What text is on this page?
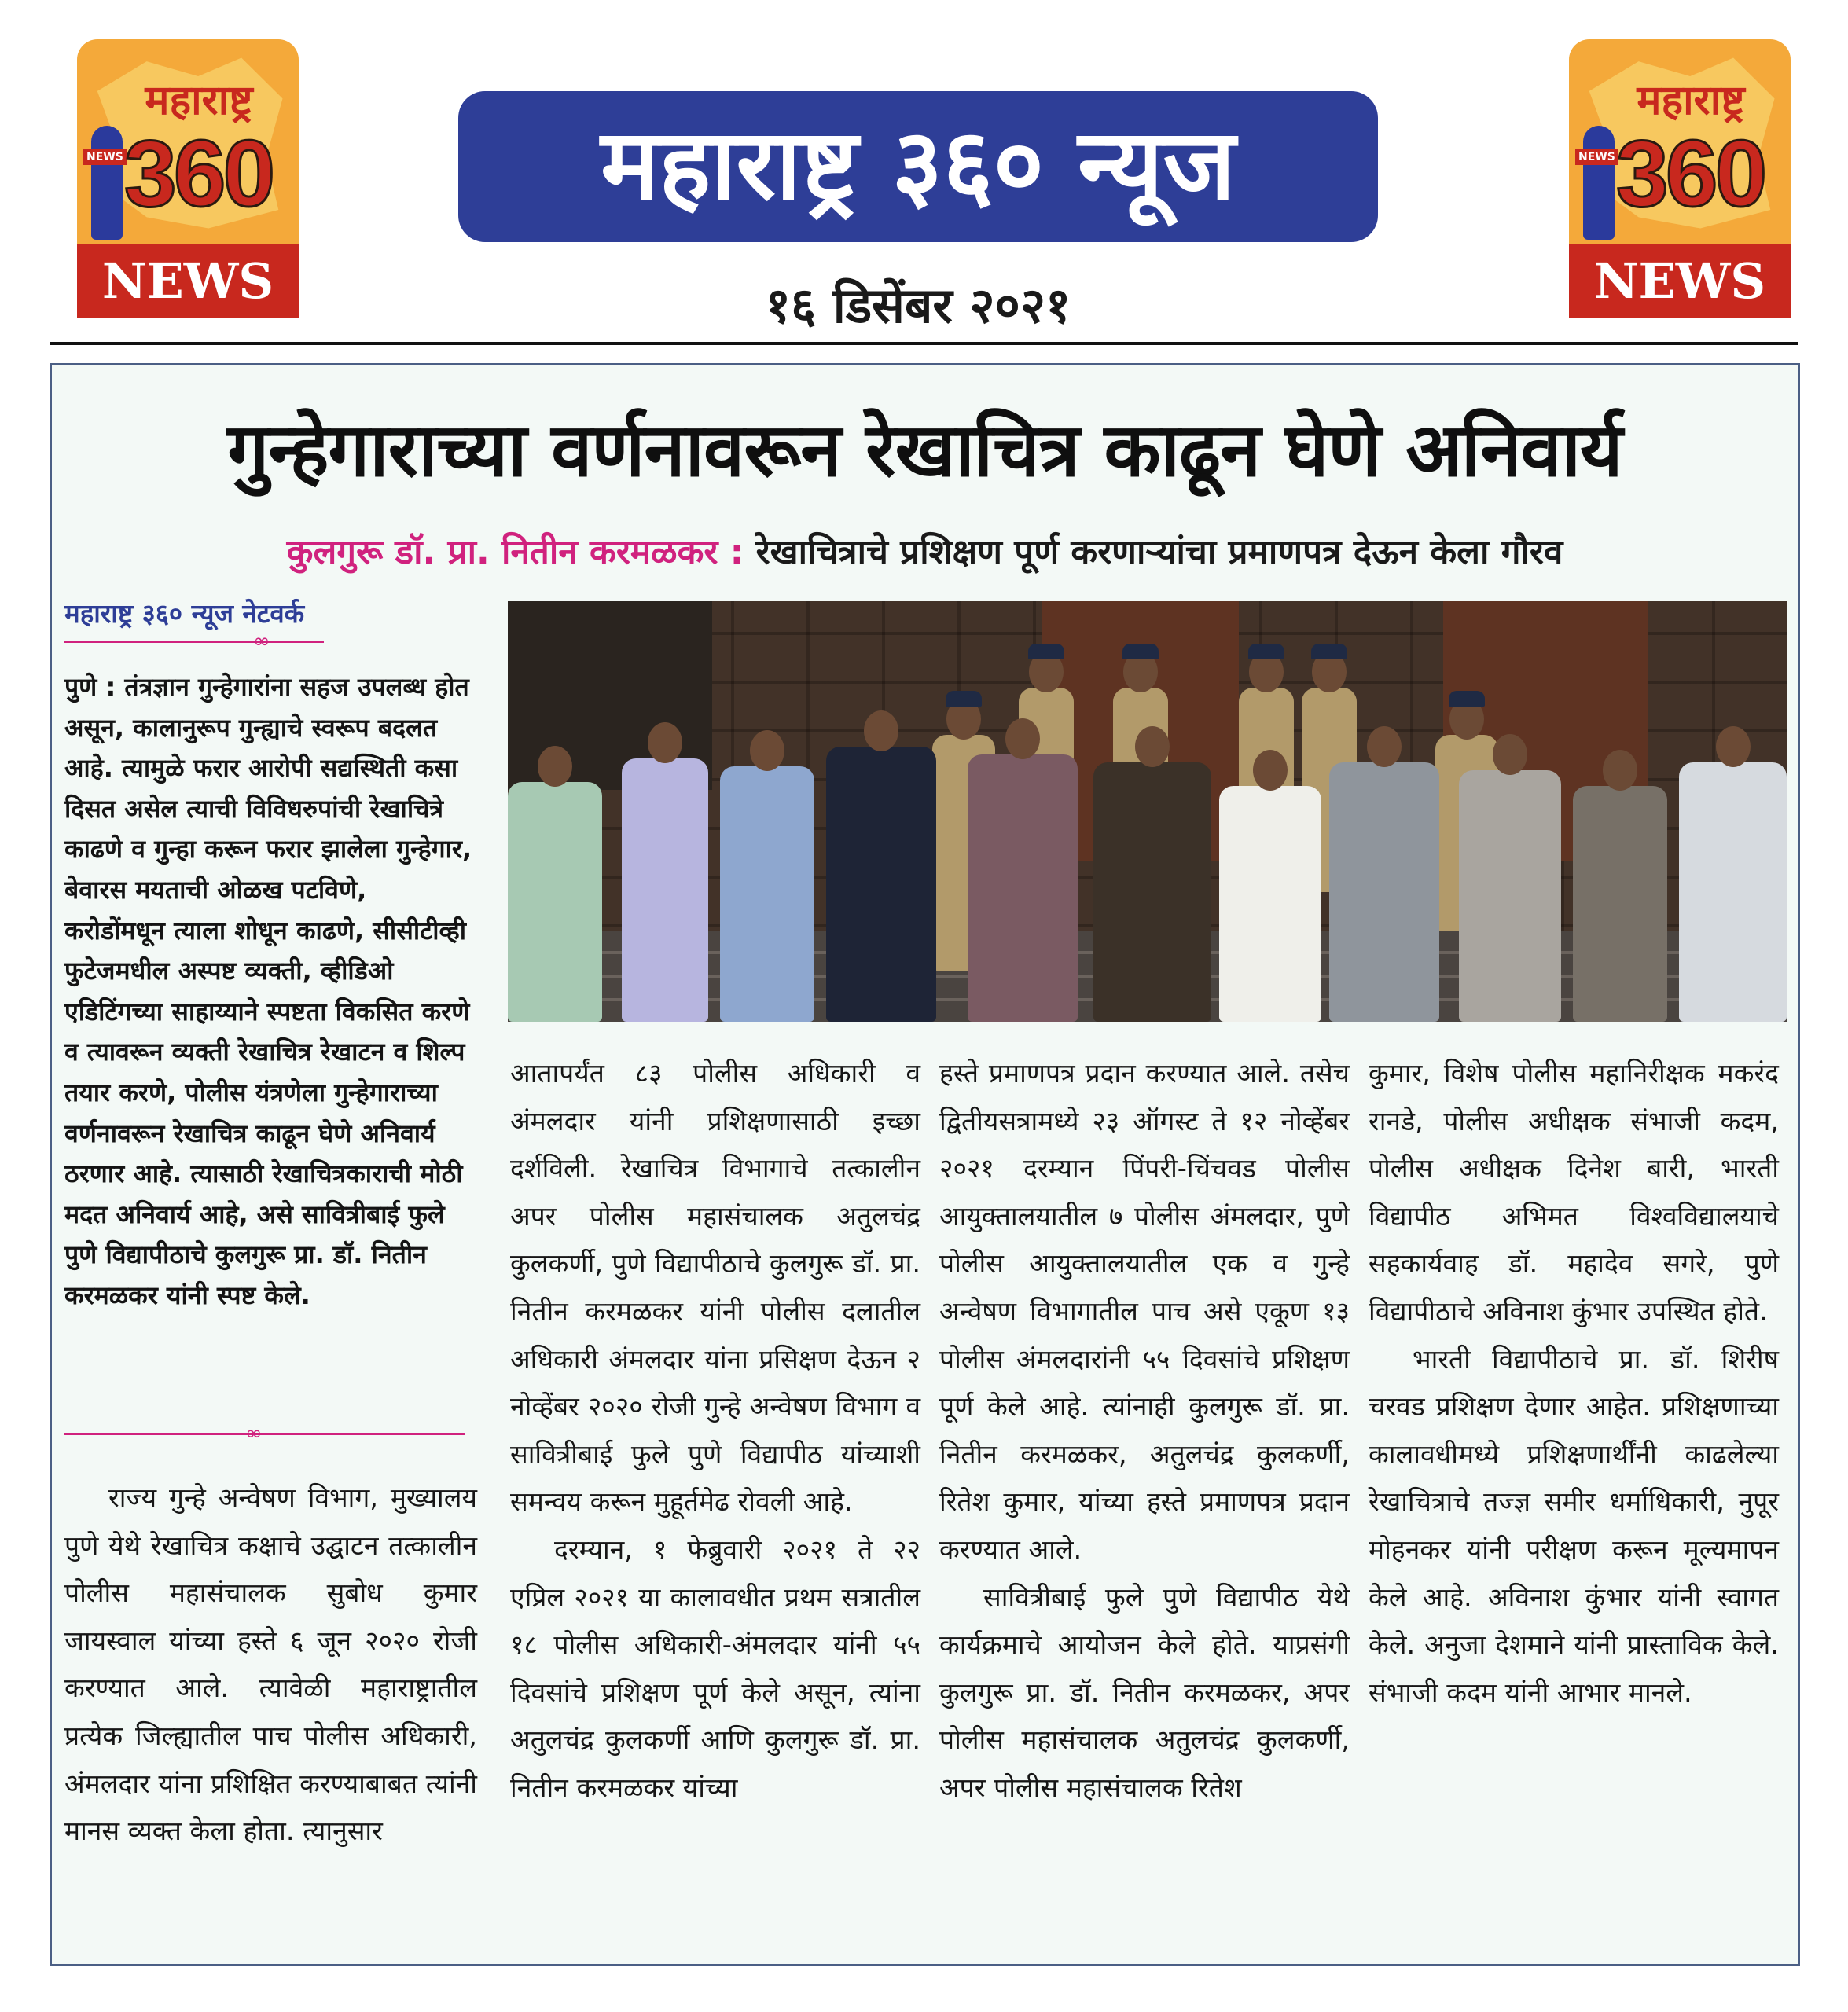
महाराष्ट्र
NEWS 360
NEWS
महाराष्ट्र ३६० न्यूज
१६ डिसेंबर २०२१
महाराष्ट्र
NEWS 360
NEWS
गुन्हेगाराच्या वर्णनावरून रेखाचित्र काढून घेणे अनिवार्य
कुलगुरू डॉ. प्रा. नितीन करमळकर : रेखाचित्राचे प्रशिक्षण पूर्ण करणाऱ्यांचा प्रमाणपत्र देऊन केला गौरव
महाराष्ट्र ३६० न्यूज नेटवर्क
∞

पुणे : तंत्रज्ञान गुन्हेगारांना सहज उपलब्ध होत असून, कालानुरूप गुन्ह्याचे स्वरूप बदलत आहे. त्यामुळे फरार आरोपी सद्यस्थिती कसा दिसत असेल त्याची विविधरुपांची रेखाचित्रे काढणे व गुन्हा करून फरार झालेला गुन्हेगार, बेवारस मयताची ओळख पटविणे, करोडोंमधून त्याला शोधून काढणे, सीसीटीव्ही फुटेजमधील अस्पष्ट व्यक्ती, व्हीडिओ एडिटिंगच्या साहाय्याने स्पष्टता विकसित करणे व त्यावरून व्यक्ती रेखाचित्र रेखाटन व शिल्प तयार करणे, पोलीस यंत्रणेला गुन्हेगाराच्या वर्णनावरून रेखाचित्र काढून घेणे अनिवार्य ठरणार आहे. त्यासाठी रेखाचित्रकाराची मोठी मदत अनिवार्य आहे, असे सावित्रीबाई फुले पुणे विद्यापीठाचे कुलगुरू प्रा. डॉ. नितीन करमळकर यांनी स्पष्ट केले.

∞

राज्य गुन्हे अन्वेषण विभाग, मुख्यालय पुणे येथे रेखाचित्र कक्षाचे उद्घाटन तत्कालीन पोलीस महासंचालक सुबोध कुमार जायस्वाल यांच्या हस्ते ६ जून २०२० रोजी करण्यात आले. त्यावेळी महाराष्ट्रातील प्रत्येक जिल्ह्यातील पाच पोलीस अधिकारी, अंमलदार यांना प्रशिक्षित करण्याबाबत त्यांनी मानस व्यक्त केला होता. त्यानुसार

आतापर्यंत ८३ पोलीस अधिकारी व अंमलदार यांनी प्रशिक्षणासाठी इच्छा दर्शविली. रेखाचित्र विभागाचे तत्कालीन अपर पोलीस महासंचालक अतुलचंद्र कुलकर्णी, पुणे विद्यापीठाचे कुलगुरू डॉ. प्रा. नितीन करमळकर यांनी पोलीस दलातील अधिकारी अंमलदार यांना प्रसिक्षण देऊन २ नोव्हेंबर २०२० रोजी गुन्हे अन्वेषण विभाग व सावित्रीबाई फुले पुणे विद्यापीठ यांच्याशी समन्वय करून मुहूर्तमेढ रोवली आहे.

दरम्यान, १ फेब्रुवारी २०२१ ते २२ एप्रिल २०२१ या कालावधीत प्रथम सत्रातील १८ पोलीस अधिकारी-अंमलदार यांनी ५५ दिवसांचे प्रशिक्षण पूर्ण केले असून, त्यांना अतुलचंद्र कुलकर्णी आणि कुलगुरू डॉ. प्रा. नितीन करमळकर यांच्या

हस्ते प्रमाणपत्र प्रदान करण्यात आले. तसेच द्वितीयसत्रामध्ये २३ ऑगस्ट ते १२ नोव्हेंबर २०२१ दरम्यान पिंपरी-चिंचवड पोलीस आयुक्तालयातील ७ पोलीस अंमलदार, पुणे पोलीस आयुक्तालयातील एक व गुन्हे अन्वेषण विभागातील पाच असे एकूण १३ पोलीस अंमलदारांनी ५५ दिवसांचे प्रशिक्षण पूर्ण केले आहे. त्यांनाही कुलगुरू डॉ. प्रा. नितीन करमळकर, अतुलचंद्र कुलकर्णी, रितेश कुमार, यांच्या हस्ते प्रमाणपत्र प्रदान करण्यात आले.

सावित्रीबाई फुले पुणे विद्यापीठ येथे कार्यक्रमाचे आयोजन केले होते. याप्रसंगी कुलगुरू प्रा. डॉ. नितीन करमळकर, अपर पोलीस महासंचालक अतुलचंद्र कुलकर्णी, अपर पोलीस महासंचालक रितेश

कुमार, विशेष पोलीस महानिरीक्षक मकरंद रानडे, पोलीस अधीक्षक संभाजी कदम, पोलीस अधीक्षक दिनेश बारी, भारती विद्यापीठ अभिमत विश्वविद्यालयाचे सहकार्यवाह डॉ. महादेव सगरे, पुणे विद्यापीठाचे अविनाश कुंभार उपस्थित होते.

भारती विद्यापीठाचे प्रा. डॉ. शिरीष चरवड प्रशिक्षण देणार आहेत. प्रशिक्षणाच्या कालावधीमध्ये प्रशिक्षणार्थींनी काढलेल्या रेखाचित्राचे तज्ज्ञ समीर धर्माधिकारी, नुपूर मोहनकर यांनी परीक्षण करून मूल्यमापन केले आहे. अविनाश कुंभार यांनी स्वागत केले. अनुजा देशमाने यांनी प्रास्ताविक केले. संभाजी कदम यांनी आभार मानले.
